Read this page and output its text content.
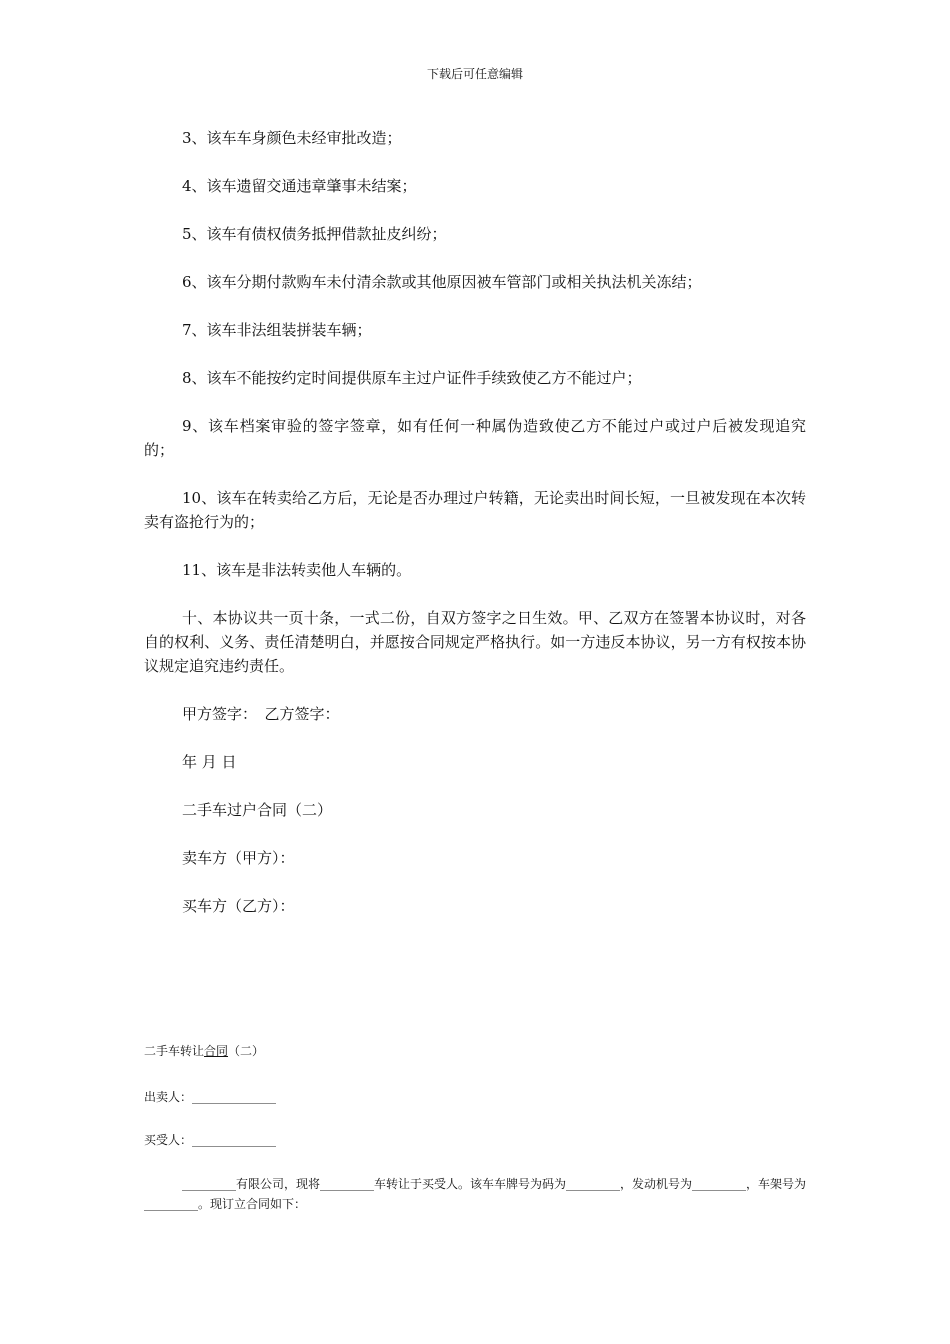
下载后可任意编辑

3、该车车身颜色未经审批改造；

4、该车遗留交通违章肇事未结案；

5、该车有债权债务抵押借款扯皮纠纷；

6、该车分期付款购车未付清余款或其他原因被车管部门或相关执法机关冻结；

7、该车非法组装拼装车辆；

8、该车不能按约定时间提供原车主过户证件手续致使乙方不能过户；

9、该车档案审验的签字签章，如有任何一种属伪造致使乙方不能过户或过户后被发现追究的；

10、该车在转卖给乙方后，无论是否办理过户转籍，无论卖出时间长短，一旦被发现在本次转卖有盗抢行为的；

11、该车是非法转卖他人车辆的。

十、本协议共一页十条，一式二份，自双方签字之日生效。甲、乙双方在签署本协议时，对各自的权利、义务、责任清楚明白，并愿按合同规定严格执行。如一方违反本协议，另一方有权按本协议规定追究违约责任。

甲方签字：　乙方签字：

年 月 日

二手车过户合同（二）

卖车方（甲方）：

买车方（乙方）：

二手车转让合同（二）

出卖人：______________

买受人：______________

_________有限公司，现将_________车转让于买受人。该车车牌号为码为_________，发动机号为_________，车架号为_________。现订立合同如下：
